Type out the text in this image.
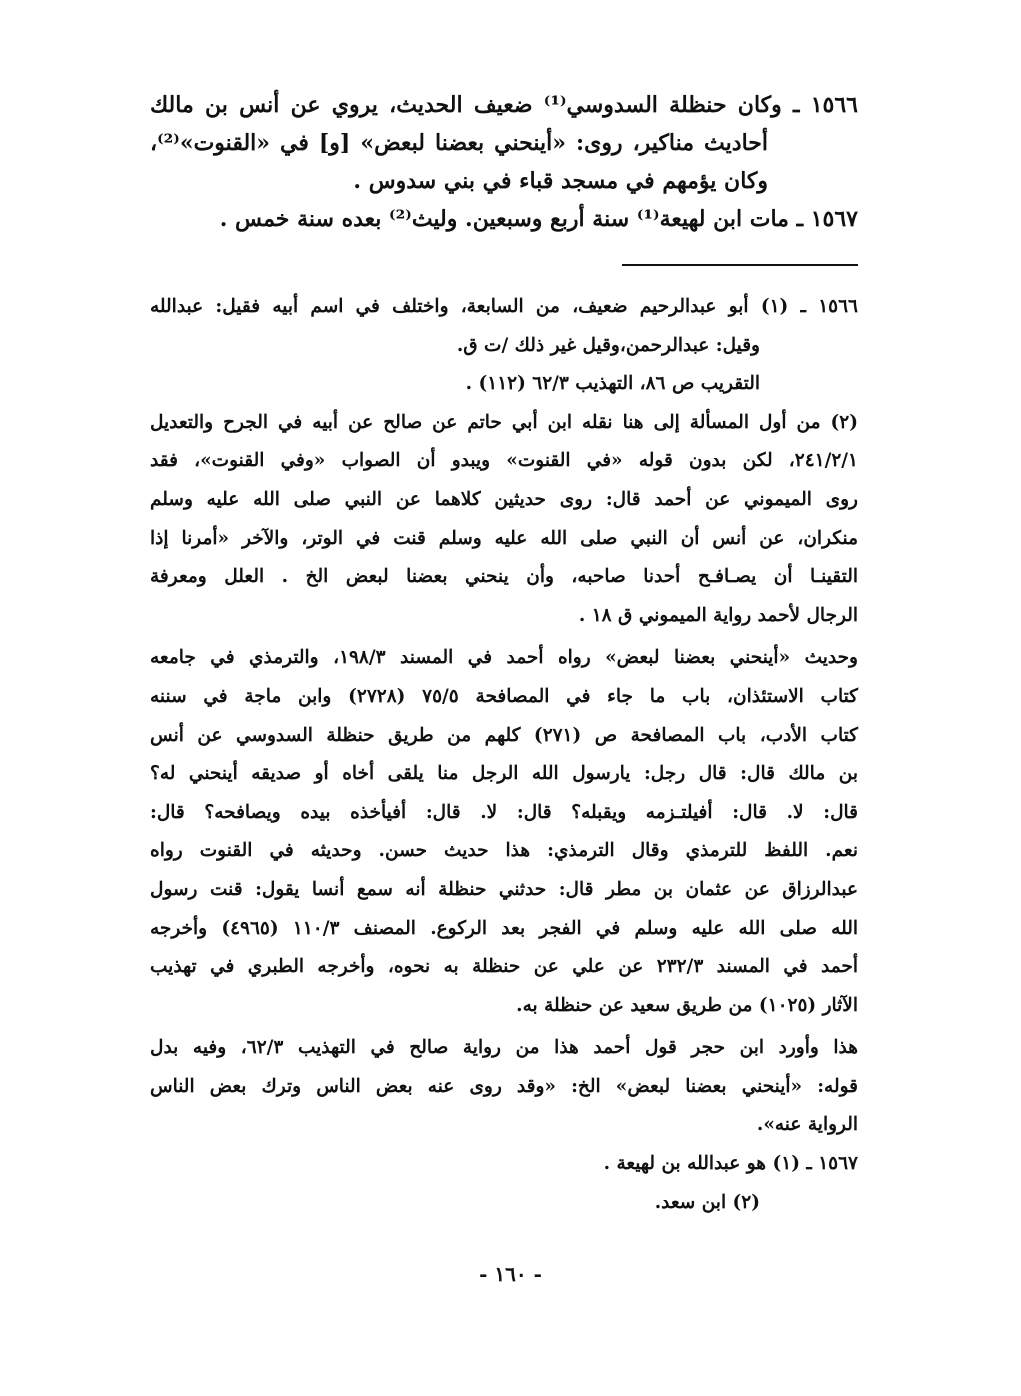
١٥٦٦ ـ وكان حنظلة السدوسي⁽¹⁾ ضعيف الحديث، يروي عن أنس بن مالك
أحاديث مناكير، روى: «أينحني بعضنا لبعض» [و] في «القنوت»⁽²⁾،
وكان يؤمهم في مسجد قباء في بني سدوس .
١٥٦٧ ـ مات ابن لهيعة⁽¹⁾ سنة أربع وسبعين. وليث⁽²⁾ بعده سنة خمس .

١٥٦٦ ـ (١) أبو عبدالرحيم ضعيف، من السابعة، واختلف في اسم أبيه فقيل: عبدالله
وقيل: عبدالرحمن،وقيل غير ذلك /ت ق.
التقريب ص ٨٦، التهذيب ٦٢/٣ (١١٢) .

(٢) من أول المسألة إلى هنا نقله ابن أبي حاتم عن صالح عن أبيه في الجرح والتعديل
٢٤١/٢/١، لكن بدون قوله «في القنوت» ويبدو أن الصواب «وفي القنوت»، فقد
روى الميموني عن أحمد قال: روى حديثين كلاهما عن النبي صلى الله عليه وسلم
منكران، عن أنس أن النبي صلى الله عليه وسلم قنت في الوتر، والآخر «أمرنا إذا
التقينـا أن يصـافـح أحدنا صاحبه، وأن ينحني بعضنا لبعض الخ . العلل ومعرفة
الرجال لأحمد رواية الميموني ق ١٨ .

وحديث «أينحني بعضنا لبعض» رواه أحمد في المسند ١٩٨/٣، والترمذي في جامعه
كتاب الاستئذان، باب ما جاء في المصافحة ٧٥/٥ (٢٧٢٨) وابن ماجة في سننه
كتاب الأدب، باب المصافحة ص (٢٧١) كلهم من طريق حنظلة السدوسي عن أنس
بن مالك قال: قال رجل: يارسول الله الرجل منا يلقى أخاه أو صديقه أينحني له؟
قال: لا. قال: أفيلتـزمه ويقبله؟ قال: لا. قال: أفيأخذه بيده ويصافحه؟ قال:
نعم. اللفظ للترمذي وقال الترمذي: هذا حديث حسن. وحديثه في القنوت رواه
عبدالرزاق عن عثمان بن مطر قال: حدثني حنظلة أنه سمع أنسا يقول: قنت رسول
الله صلى الله عليه وسلم في الفجر بعد الركوع. المصنف ١١٠/٣ (٤٩٦٥) وأخرجه
أحمد في المسند ٢٣٢/٣ عن علي عن حنظلة به نحوه، وأخرجه الطبري في تهذيب
الآثار (١٠٢٥) من طريق سعيد عن حنظلة به.

هذا وأورد ابن حجر قول أحمد هذا من رواية صالح في التهذيب ٦٢/٣، وفيه بدل
قوله: «أينحني بعضنا لبعض» الخ: «وقد روى عنه بعض الناس وترك بعض الناس
الرواية عنه».

١٥٦٧ ـ (١) هو عبدالله بن لهيعة .

(٢) ابن سعد.

- ١٦٠ -
